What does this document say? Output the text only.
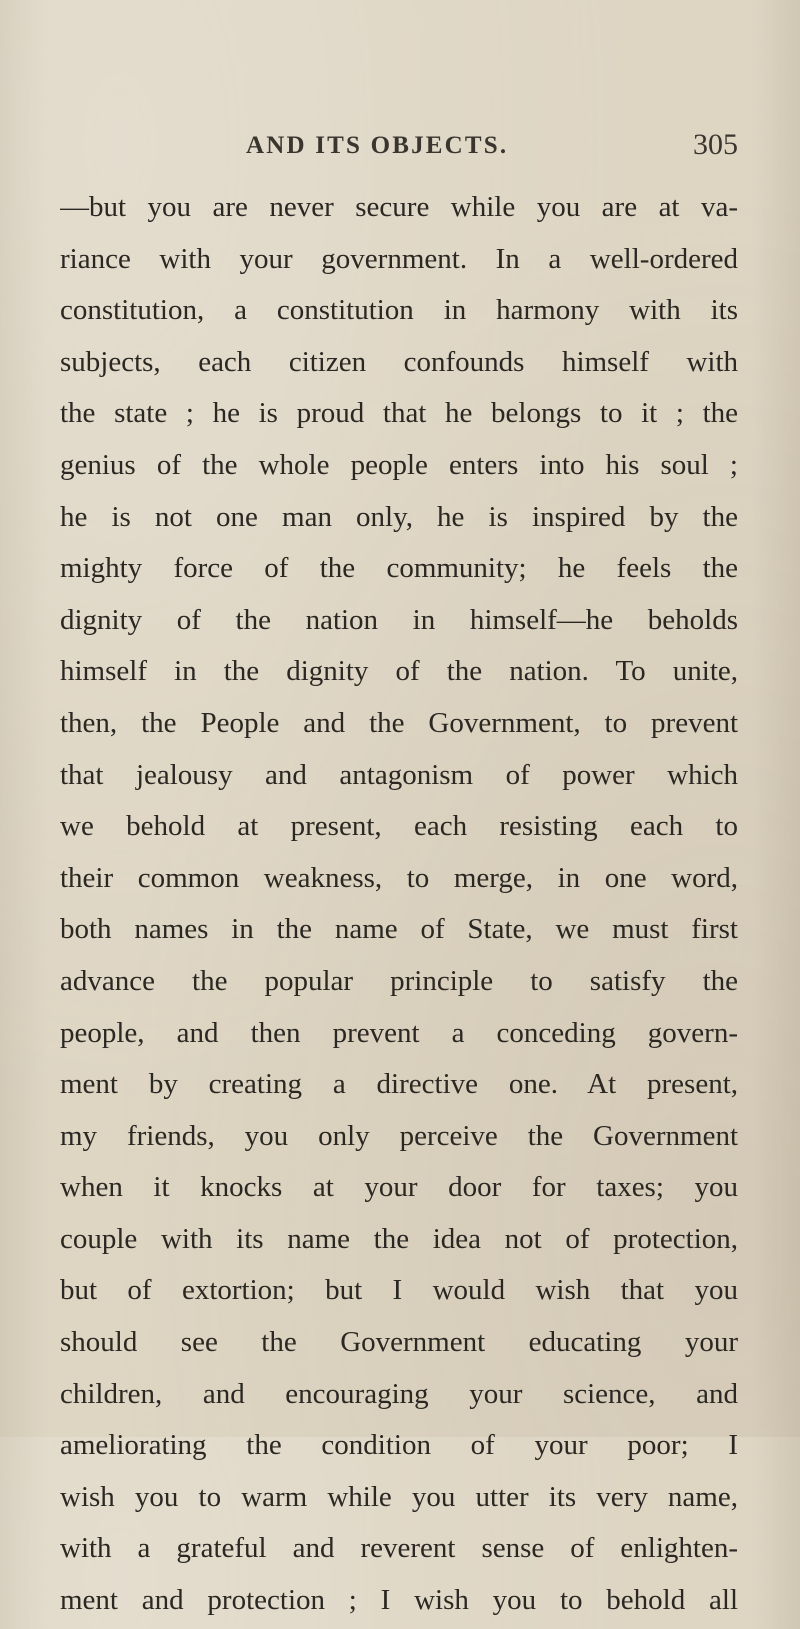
AND ITS OBJECTS.	305
—but you are never secure while you are at va-
riance with your government. In a well-ordered
constitution, a constitution in harmony with its
subjects, each citizen confounds himself with
the state ; he is proud that he belongs to it ; the
genius of the whole people enters into his soul ;
he is not one man only, he is inspired by the
mighty force of the community; he feels the
dignity of the nation in himself—he beholds
himself in the dignity of the nation. To unite,
then, the People and the Government, to prevent
that jealousy and antagonism of power which
we behold at present, each resisting each to
their common weakness, to merge, in one word,
both names in the name of State, we must first
advance the popular principle to satisfy the
people, and then prevent a conceding govern-
ment by creating a directive one. At present,
my friends, you only perceive the Government
when it knocks at your door for taxes; you
couple with its name the idea not of protection,
but of extortion; but I would wish that you
should see the Government educating your
children, and encouraging your science, and
ameliorating the condition of your poor; I
wish you to warm while you utter its very name,
with a grateful and reverent sense of enlighten-
ment and protection ; I wish you to behold all
